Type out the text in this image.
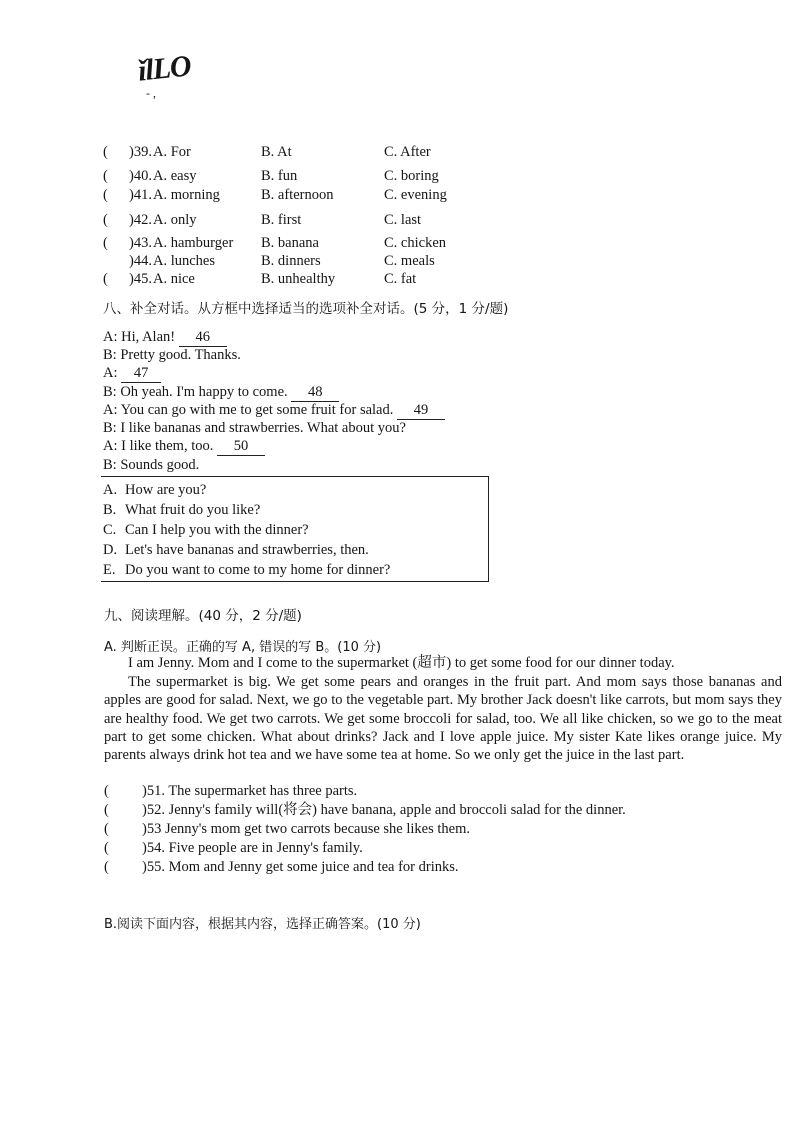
ǐlLO
- ,
( )39. A. For	B. At	C. After
( )40. A. easy	B. fun	C. boring
( )41. A. morning	B. afternoon	C. evening
( )42. A. only	B. first	C. last
( )43. A. hamburger B. banana	C. chicken
)44. A. lunches	B. dinners	C. meals
( )45. A. nice	B. unhealthy	C. fat
八、补全对话。从方框中选择适当的选项补全对话。(5 分，1 分/题)
A: Hi, Alan! 46
B: Pretty good. Thanks.
A: 47
B: Oh yeah. I'm happy to come. 48
A: You can go with me to get some fruit for salad. 49
B: I like bananas and strawberries. What about you?
A: I like them, too. 50
B: Sounds good.
A. How are you?
B. What fruit do you like?
C. Can I help you with the dinner?
D. Let's have bananas and strawberries, then.
E. Do you want to come to my home for dinner?
九、阅读理解。(40 分，2 分/题)
A. 判断正误。正确的写 A, 错误的写 B。(10 分)
I am Jenny. Mom and I come to the supermarket (超市) to get some food for our dinner today.
The supermarket is big. We get some pears and oranges in the fruit part. And mom says those bananas and apples are good for salad. Next, we go to the vegetable part. My brother Jack doesn't like carrots, but mom says they are healthy food. We get two carrots. We get some broccoli for salad, too. We all like chicken, so we go to the meat part to get some chicken. What about drinks? Jack and I love apple juice. My sister Kate likes orange juice. My parents always drink hot tea and we have some tea at home. So we only get the juice in the last part.
( )51. The supermarket has three parts.
( )52. Jenny's family will(将会) have banana, apple and broccoli salad for the dinner.
( )53 Jenny's mom get two carrots because she likes them.
( )54. Five people are in Jenny's family.
( )55. Mom and Jenny get some juice and tea for drinks.
B.阅读下面内容，根据其内容，选择正确答案。(10 分)
